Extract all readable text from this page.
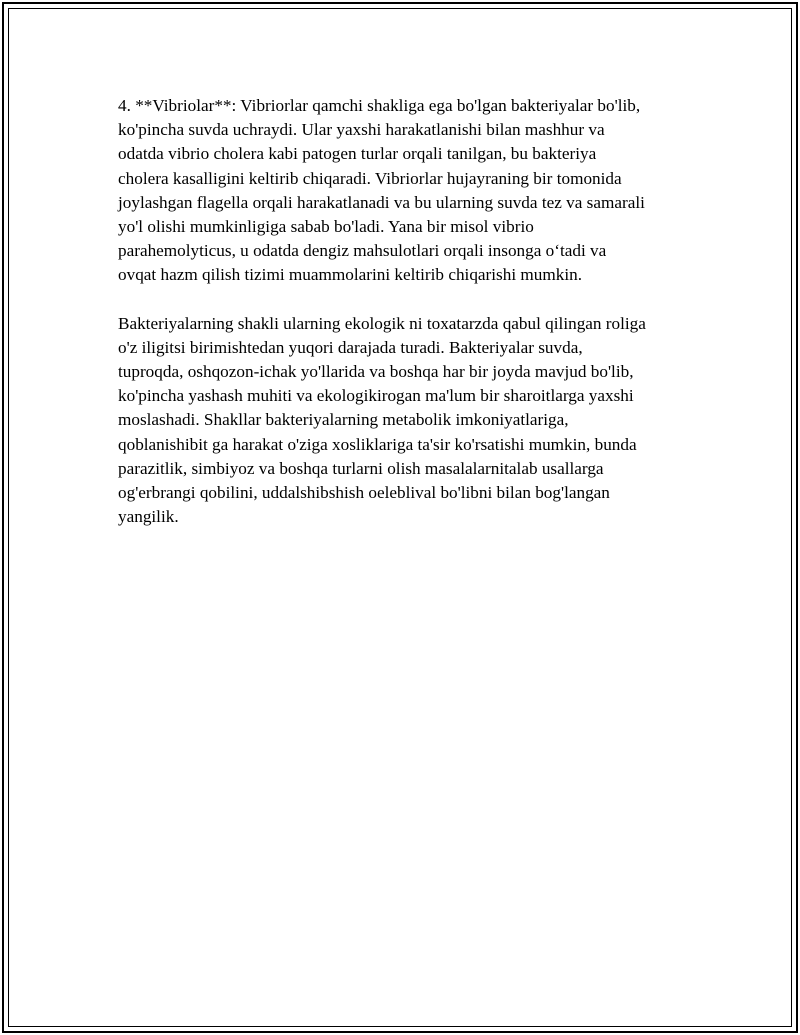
4. **Vibriolar**: Vibriorlar qamchi shakliga ega bo'lgan bakteriyalar bo'lib,
ko'pincha suvda uchraydi. Ular yaxshi harakatlanishi bilan mashhur va
odatda vibrio cholera kabi patogen turlar orqali tanilgan, bu bakteriya
cholera kasalligini keltirib chiqaradi. Vibriorlar hujayraning bir tomonida
joylashgan flagella orqali harakatlanadi va bu ularning suvda tez va samarali
yo'l olishi mumkinligiga sabab bo'ladi. Yana bir misol vibrio
parahemolyticus, u odatda dengiz mahsulotlari orqali insonga o‘tadi va
ovqat hazm qilish tizimi muammolarini keltirib chiqarishi mumkin.

Bakteriyalarning shakli ularning ekologik ni toxatarzda qabul qilingan roliga
o'z iligitsi birimishtedan yuqori darajada turadi. Bakteriyalar suvda,
tuproqda, oshqozon-ichak yo'llarida va boshqa har bir joyda mavjud bo'lib,
ko'pincha yashash muhiti va ekologikirogan ma'lum bir sharoitlarga yaxshi
moslashadi. Shakllar bakteriyalarning metabolik imkoniyatlariga,
qoblanishibit ga harakat o'ziga xosliklariga ta'sir ko'rsatishi mumkin, bunda
parazitlik, simbiyoz va boshqa turlarni olish masalalarnitalab usallarga
og'erbrangi qobilini, uddalshibshish oeleblival bo'libni bilan bog'langan
yangilik.
